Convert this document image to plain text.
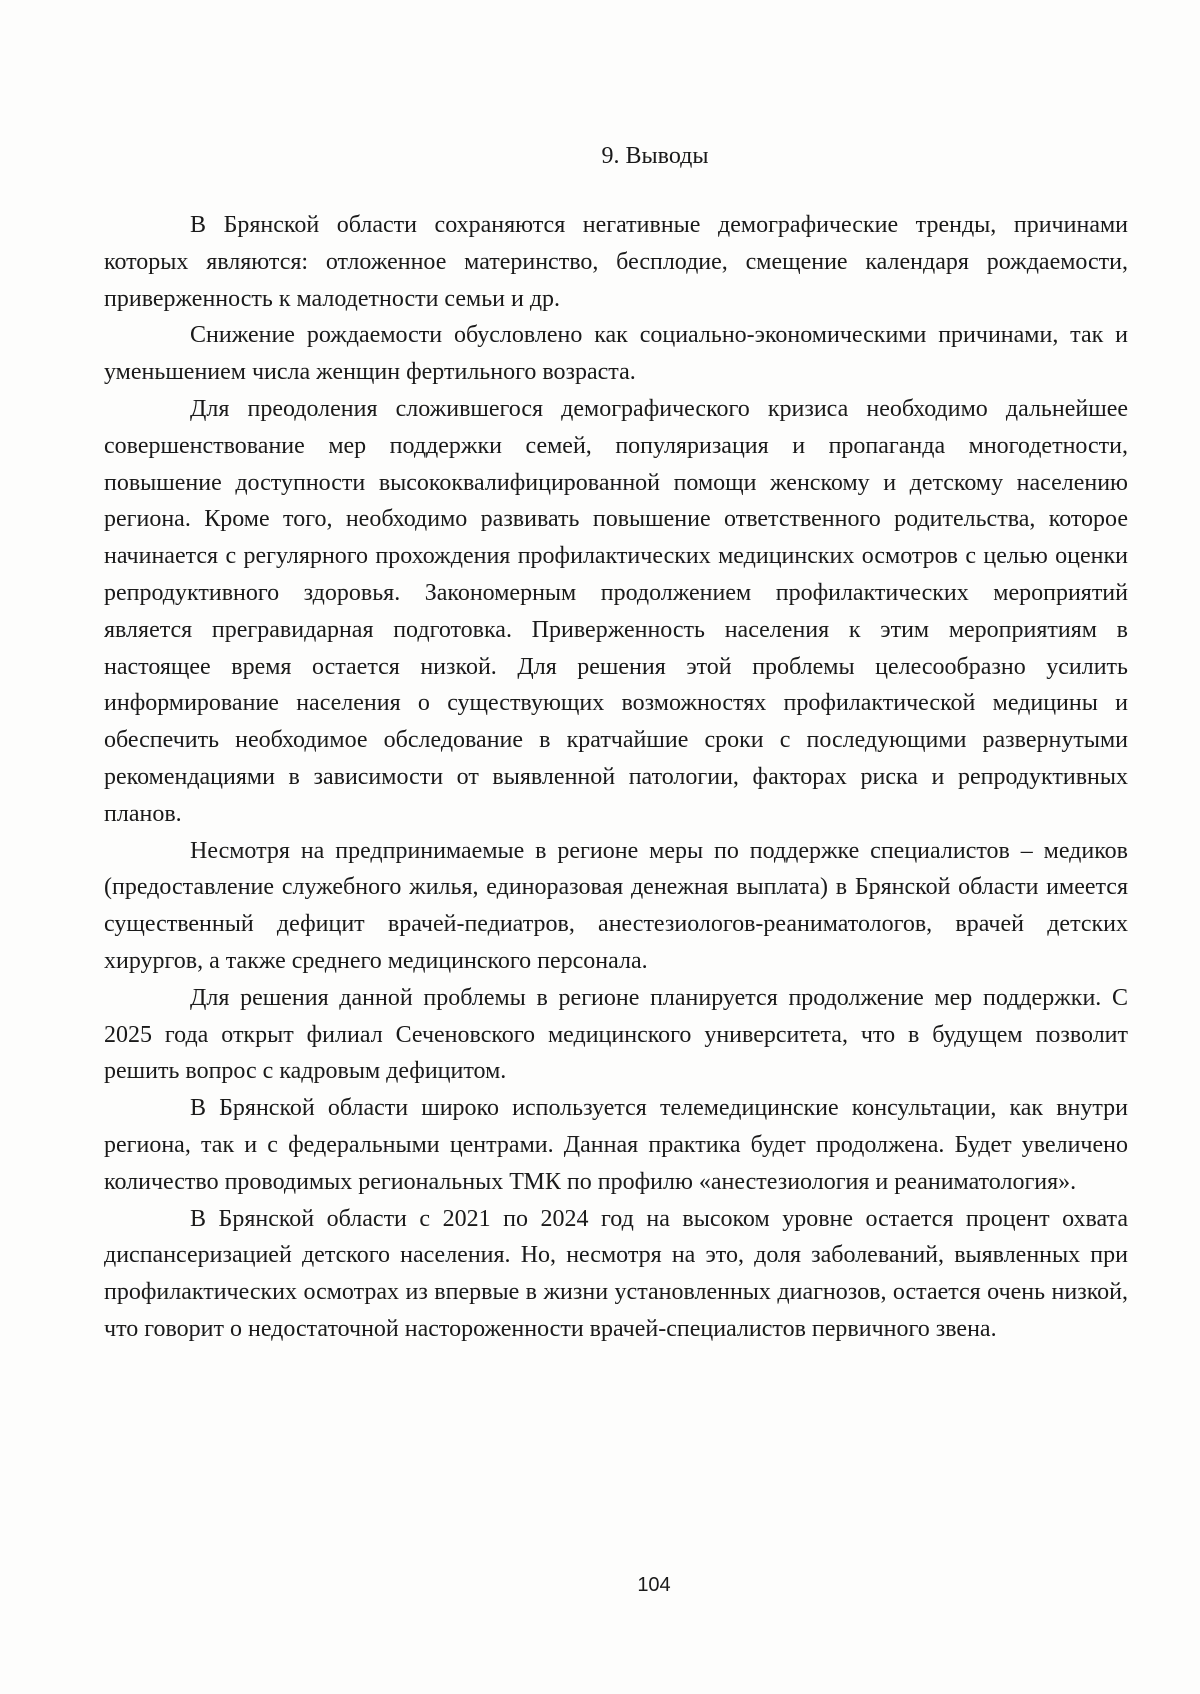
9. Выводы

В Брянской области сохраняются негативные демографические тренды, причинами которых являются: отложенное материнство, бесплодие, смещение календаря рождаемости, приверженность к малодетности семьи и др.

Снижение рождаемости обусловлено как социально-экономическими причинами, так и уменьшением числа женщин фертильного возраста.

Для преодоления сложившегося демографического кризиса необходимо дальнейшее совершенствование мер поддержки семей, популяризация и пропаганда многодетности, повышение доступности высококвалифицированной помощи женскому и детскому населению региона. Кроме того, необходимо развивать повышение ответственного родительства, которое начинается с регулярного прохождения профилактических медицинских осмотров с целью оценки репродуктивного здоровья. Закономерным продолжением профилактических мероприятий является прегравидарная подготовка. Приверженность населения к этим мероприятиям в настоящее время остается низкой. Для решения этой проблемы целесообразно усилить информирование населения о существующих возможностях профилактической медицины и обеспечить необходимое обследование в кратчайшие сроки с последующими развернутыми рекомендациями в зависимости от выявленной патологии, факторах риска и репродуктивных планов.

Несмотря на предпринимаемые в регионе меры по поддержке специалистов – медиков (предоставление служебного жилья, единоразовая денежная выплата) в Брянской области имеется существенный дефицит врачей-педиатров, анестезиологов-реаниматологов, врачей детских хирургов, а также среднего медицинского персонала.

Для решения данной проблемы в регионе планируется продолжение мер поддержки. С 2025 года открыт филиал Сеченовского медицинского университета, что в будущем позволит решить вопрос с кадровым дефицитом.

В Брянской области широко используется телемедицинские консультации, как внутри региона, так и с федеральными центрами. Данная практика будет продолжена. Будет увеличено количество проводимых региональных ТМК по профилю «анестезиология и реаниматология».

В Брянской области с 2021 по 2024 год на высоком уровне остается процент охвата диспансеризацией детского населения. Но, несмотря на это, доля заболеваний, выявленных при профилактических осмотрах из впервые в жизни установленных диагнозов, остается очень низкой, что говорит о недостаточной настороженности врачей-специалистов первичного звена.

104
